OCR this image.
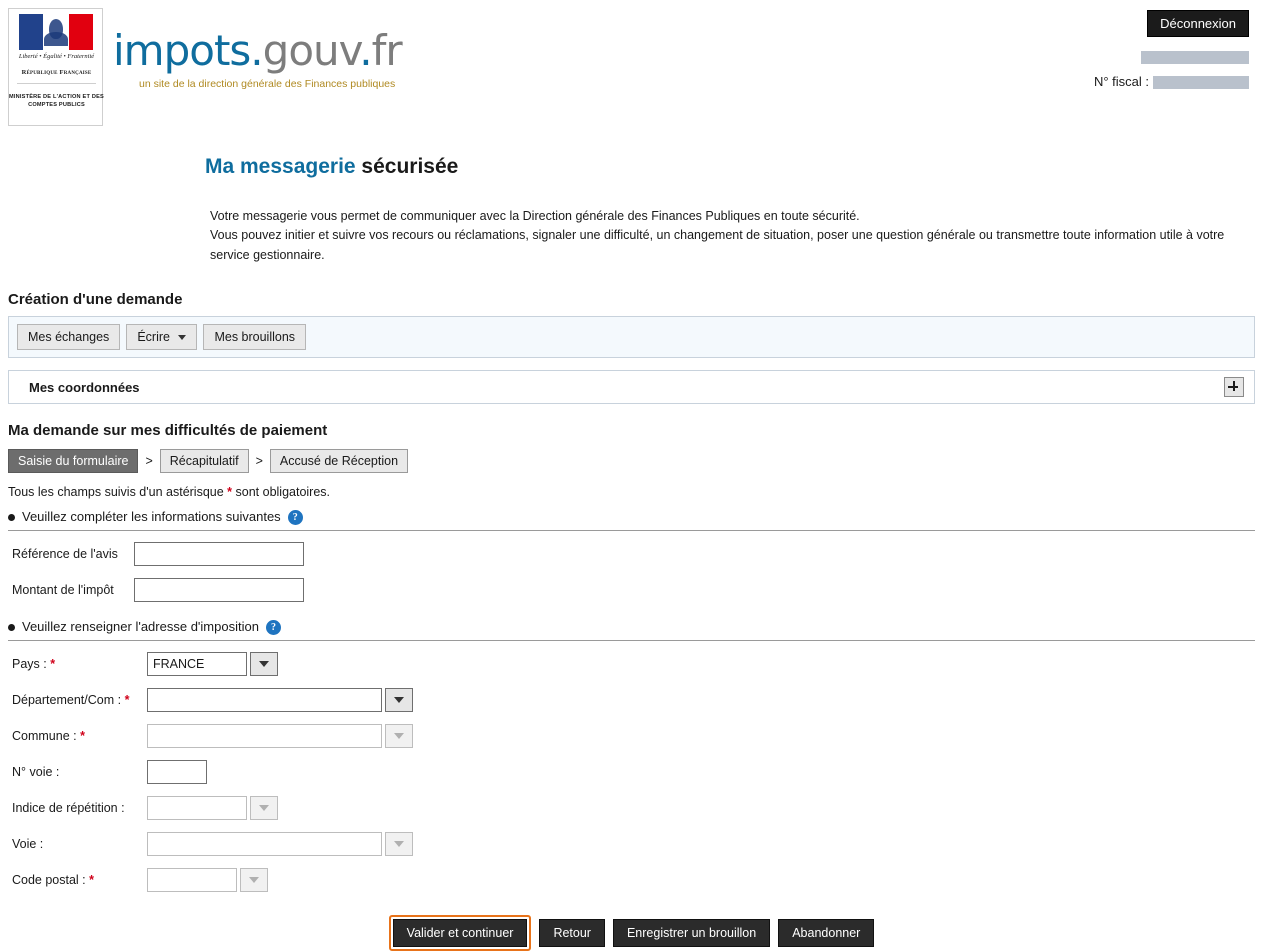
Liberté • Égalité • Fraternité
République Française
MINISTÈRE DE L'ACTION ET DES COMPTES PUBLICS
impots.gouv.fr
un site de la direction générale des Finances publiques
Déconnexion
N° fiscal :
Ma messagerie sécurisée
Votre messagerie vous permet de communiquer avec la Direction générale des Finances Publiques en toute sécurité.
Vous pouvez initier et suivre vos recours ou réclamations, signaler une difficulté, un changement de situation, poser une question générale ou transmettre toute information utile à votre service gestionnaire.
Création d'une demande
Mes échanges	Écrire	Mes brouillons
Mes coordonnées
Ma demande sur mes difficultés de paiement
Saisie du formulaire	>	Récapitulatif	>	Accusé de Réception
Tous les champs suivis d'un astérisque * sont obligatoires.
Veuillez compléter les informations suivantes ?
Référence de l'avis
Montant de l'impôt
Veuillez renseigner l'adresse d'imposition ?
Pays : *
FRANCE
Département/Com : *
Commune : *
N° voie :
Indice de répétition :
Voie :
Code postal : *
Valider et continuer	Retour	Enregistrer un brouillon	Abandonner
